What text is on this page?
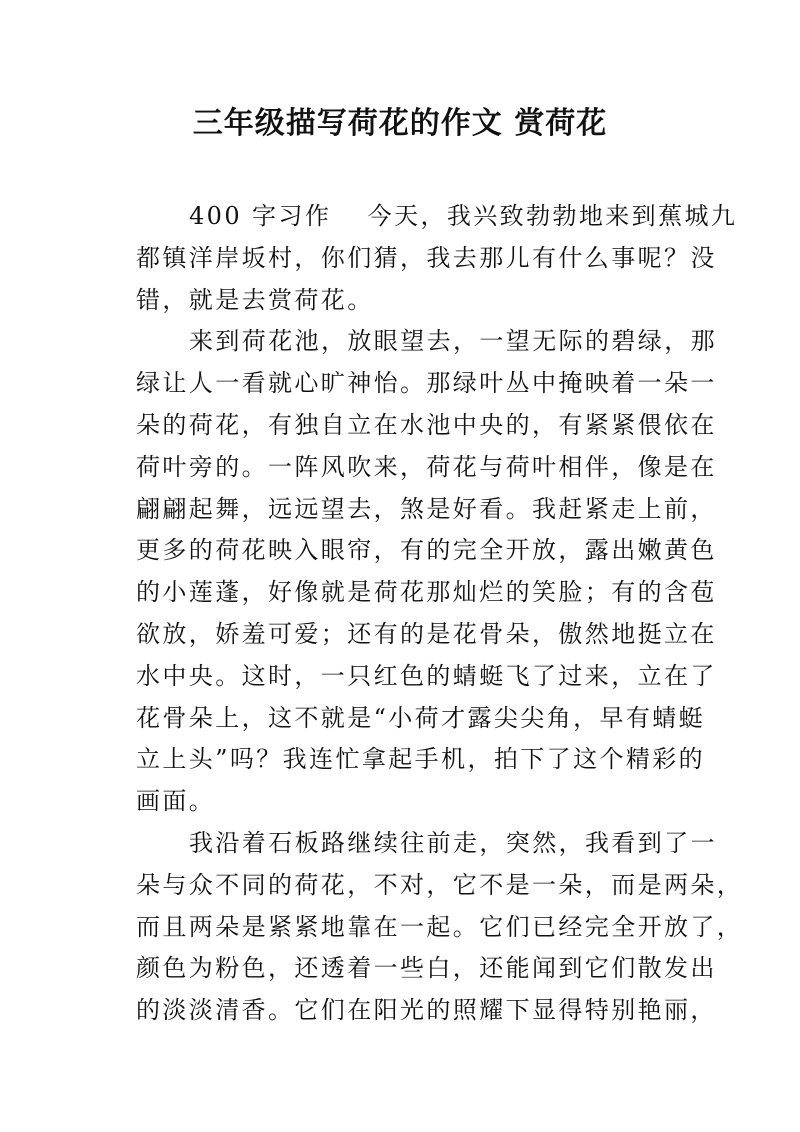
三年级描写荷花的作文 赏荷花
400 字习作　 今天，我兴致勃勃地来到蕉城九
都镇洋岸坂村，你们猜，我去那儿有什么事呢？没
错，就是去赏荷花。
来到荷花池，放眼望去，一望无际的碧绿，那
绿让人一看就心旷神怡。那绿叶丛中掩映着一朵一
朵的荷花，有独自立在水池中央的，有紧紧偎依在
荷叶旁的。一阵风吹来，荷花与荷叶相伴，像是在
翩翩起舞，远远望去，煞是好看。我赶紧走上前，
更多的荷花映入眼帘，有的完全开放，露出嫩黄色
的小莲蓬，好像就是荷花那灿烂的笑脸；有的含苞
欲放，娇羞可爱；还有的是花骨朵，傲然地挺立在
水中央。这时，一只红色的蜻蜓飞了过来，立在了
花骨朵上，这不就是“小荷才露尖尖角，早有蜻蜓
立上头”吗？我连忙拿起手机，拍下了这个精彩的
画面。
我沿着石板路继续往前走，突然，我看到了一
朵与众不同的荷花，不对，它不是一朵，而是两朵，
而且两朵是紧紧地靠在一起。它们已经完全开放了，
颜色为粉色，还透着一些白，还能闻到它们散发出
的淡淡清香。它们在阳光的照耀下显得特别艳丽，
